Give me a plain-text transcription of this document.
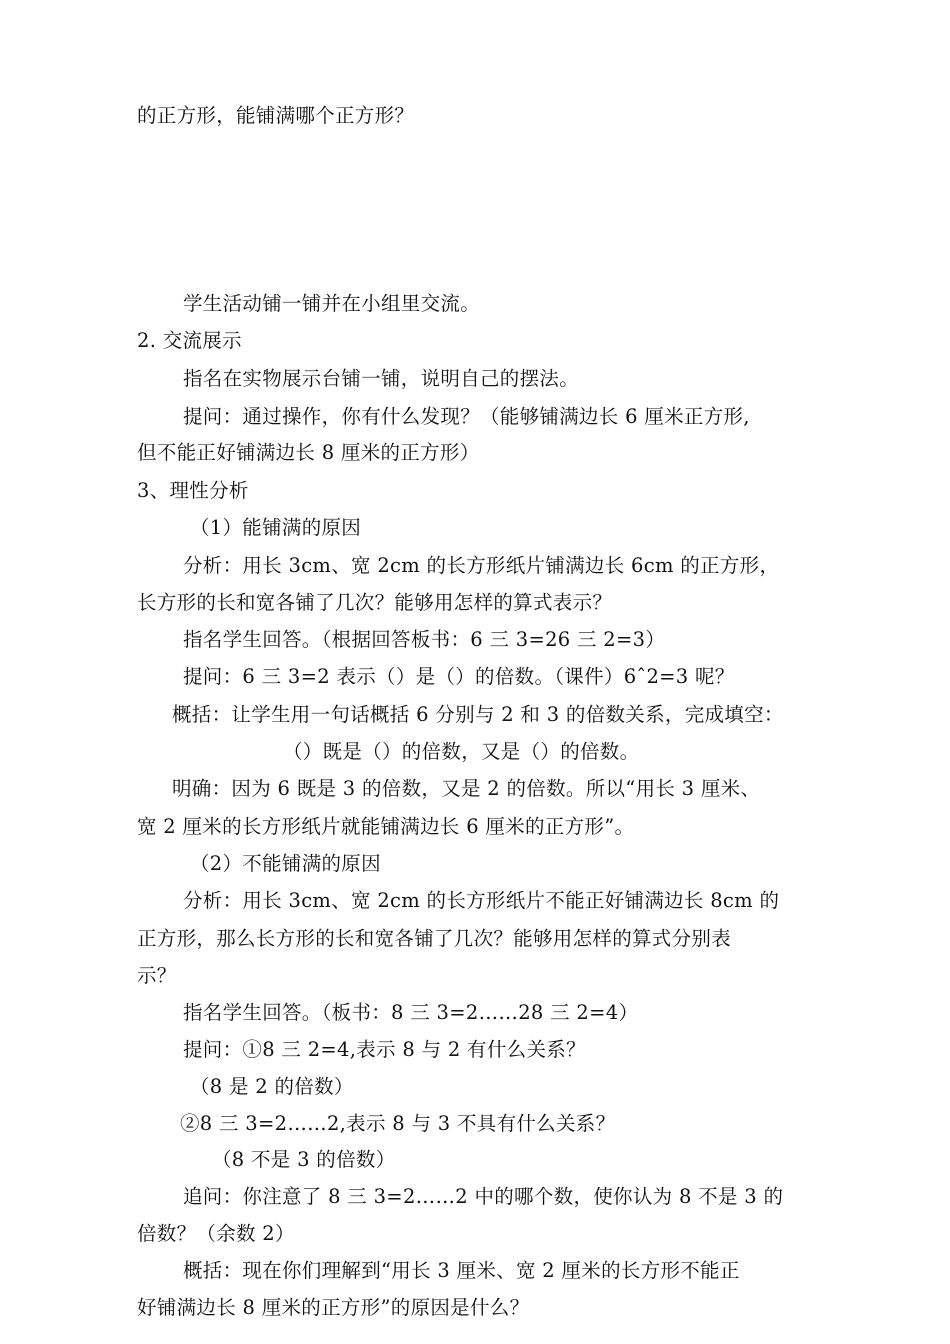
的正方形，能铺满哪个正方形？
学生活动铺一铺并在小组里交流。
2. 交流展示
指名在实物展示台铺一铺，说明自己的摆法。
提问：通过操作，你有什么发现？（能够铺满边长 6 厘米正方形,
但不能正好铺满边长 8 厘米的正方形）
3、理性分析
（1）能铺满的原因
分析：用长 3cm、宽 2cm 的长方形纸片铺满边长 6cm 的正方形，
长方形的长和宽各铺了几次？能够用怎样的算式表示？
指名学生回答。（根据回答板书：6 三 3=26 三 2=3）
提问：6 三 3=2 表示（）是（）的倍数。（课件）6ˆ2=3 呢？
概括：让学生用一句话概括 6 分别与 2 和 3 的倍数关系，完成填空：
（）既是（）的倍数，又是（）的倍数。
明确：因为 6 既是 3 的倍数，又是 2 的倍数。所以“用长 3 厘米、
宽 2 厘米的长方形纸片就能铺满边长 6 厘米的正方形”。
（2）不能铺满的原因
分析：用长 3cm、宽 2cm 的长方形纸片不能正好铺满边长 8cm 的
正方形，那么长方形的长和宽各铺了几次？能够用怎样的算式分别表
示？
指名学生回答。（板书：8 三 3=2……28 三 2=4）
提问：①8 三 2=4,表示 8 与 2 有什么关系？
（8 是 2 的倍数）
②8 三 3=2……2,表示 8 与 3 不具有什么关系？
（8 不是 3 的倍数）
追问：你注意了 8 三 3=2……2 中的哪个数，使你认为 8 不是 3 的
倍数？（余数 2）
概括：现在你们理解到“用长 3 厘米、宽 2 厘米的长方形不能正
好铺满边长 8 厘米的正方形”的原因是什么？
